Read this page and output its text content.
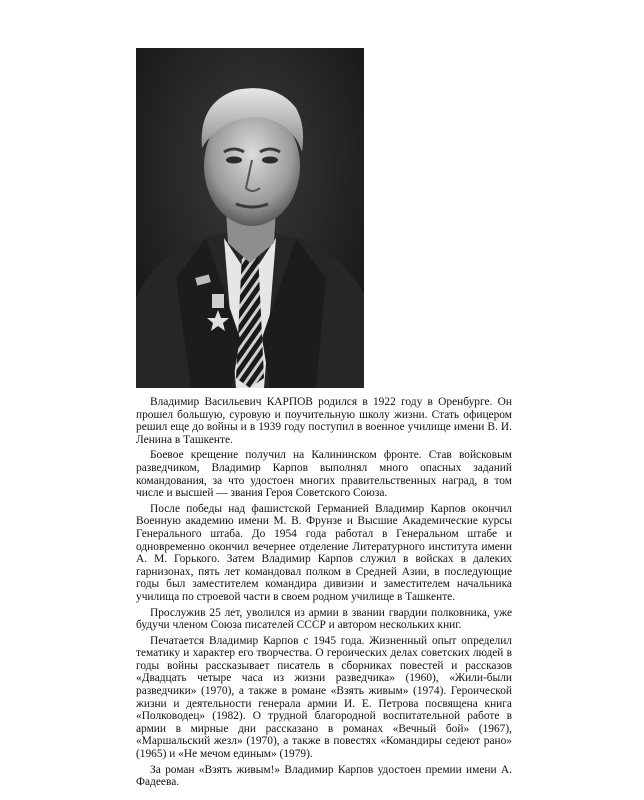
Владимир Васильевич КАРПОВ родился в 1922 году в Оренбурге. Он прошел большую, суровую и поучительную школу жизни. Стать офицером решил еще до войны и в 1939 году поступил в военное училище имени В. И. Ленина в Ташкенте.

Боевое крещение получил на Калининском фронте. Став войсковым разведчиком, Владимир Карпов выполнял много опасных заданий командования, за что удостоен многих правительственных наград, в том числе и высшей — звания Героя Советского Союза.

После победы над фашистской Германией Владимир Карпов окончил Военную академию имени М. В. Фрунзе и Высшие Академические курсы Генерального штаба. До 1954 года работал в Генеральном штабе и одновременно окончил вечернее отделение Литературного института имени А. М. Горького. Затем Владимир Карпов служил в войсках в далеких гарнизонах, пять лет командовал полком в Средней Азии, в последующие годы был заместителем командира дивизии и заместителем начальника училища по строевой части в своем родном училище в Ташкенте.

Прослужив 25 лет, уволился из армии в звании гвардии полковника, уже будучи членом Союза писателей СССР и автором нескольких книг.

Печатается Владимир Карпов с 1945 года. Жизненный опыт определил тематику и характер его творчества. О героических делах советских людей в годы войны рассказывает писатель в сборниках повестей и рассказов «Двадцать четыре часа из жизни разведчика» (1960), «Жили-были разведчики» (1970), а также в романе «Взять живым» (1974). Героической жизни и деятельности генерала армии И. Е. Петрова посвящена книга «Полководец» (1982). О трудной благородной воспитательной работе в армии в мирные дни рассказано в романах «Вечный бой» (1967), «Маршальский жезл» (1970), а также в повестях «Командиры седеют рано» (1965) и «Не мечом единым» (1979).

За роман «Взять живым!» Владимир Карпов удостоен премии имени А. Фадеева.
